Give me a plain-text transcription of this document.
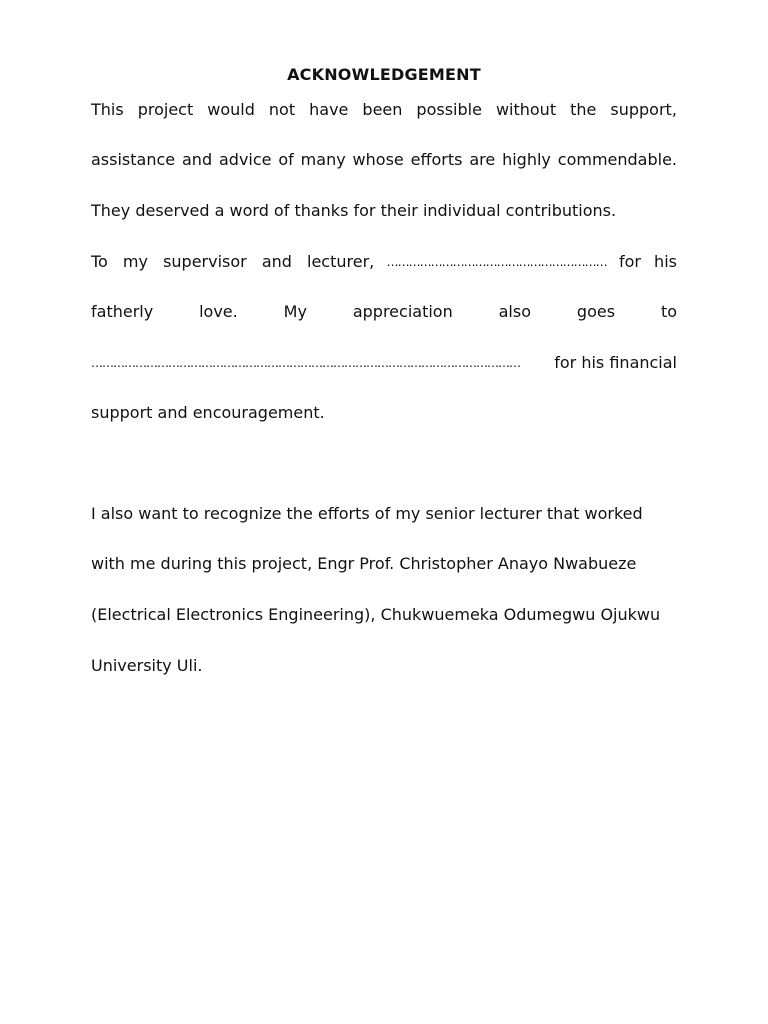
ACKNOWLEDGEMENT
This project would not have been possible without the support,
assistance and advice of many whose efforts are highly commendable.
They deserved a word of thanks for their individual contributions.
To my supervisor and lecturer, …………………………………………………… for his
fatherly	love.	My	appreciation	also	goes	to
……………………………………………………………………………………………………… for his financial
support and encouragement.
I also want to recognize the efforts of my senior lecturer that worked
with me during this project, Engr Prof. Christopher Anayo Nwabueze
(Electrical Electronics Engineering), Chukwuemeka Odumegwu Ojukwu
University Uli.
